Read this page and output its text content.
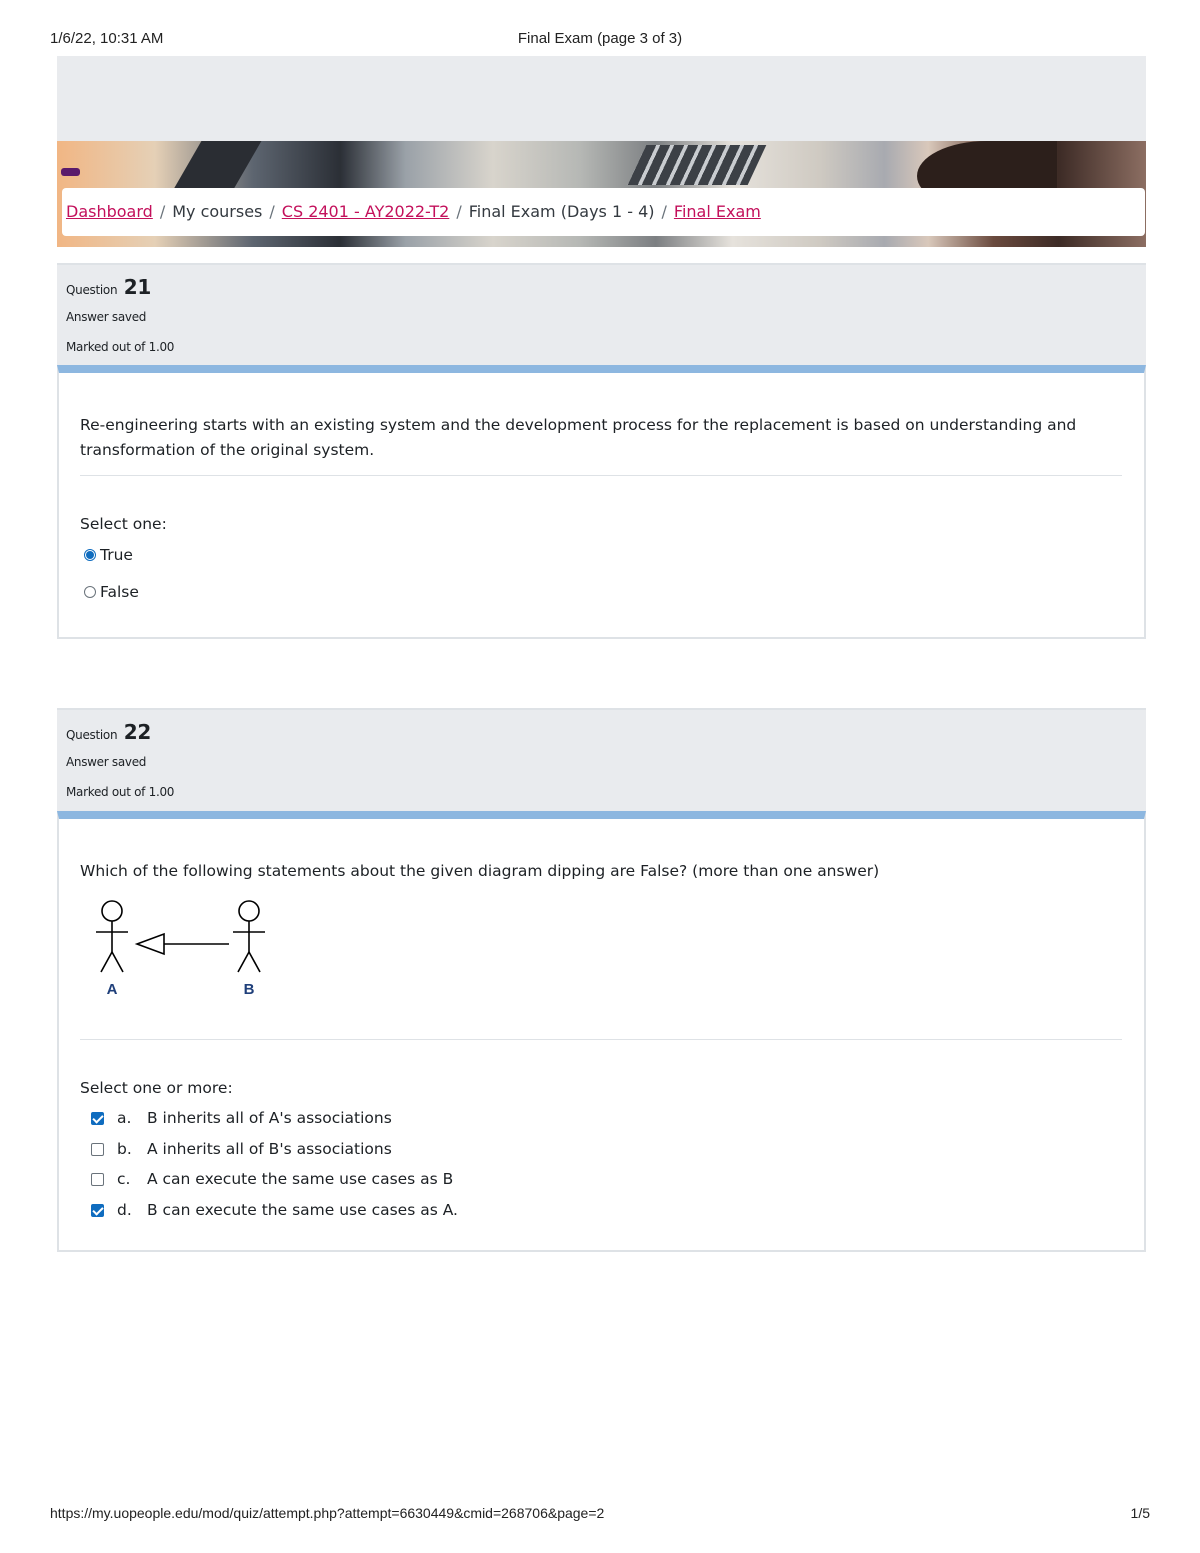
1/6/22, 10:31 AM	Final Exam (page 3 of 3)
Dashboard / My courses / CS 2401 - AY2022-T2 / Final Exam (Days 1 - 4) / Final Exam
Question 21
Answer saved
Marked out of 1.00
Re-engineering starts with an existing system and the development process for the replacement is based on understanding and transformation of the original system.
Select one:
True
False
Question 22
Answer saved
Marked out of 1.00
Which of the following statements about the given diagram dipping are False? (more than one answer)
A	B
Select one or more:
a.	B inherits all of A's associations
b. A inherits all of B's associations
c.	A can execute the same use cases as B
d. B can execute the same use cases as A.
https://my.uopeople.edu/mod/quiz/attempt.php?attempt=6630449&cmid=268706&page=2	1/5
